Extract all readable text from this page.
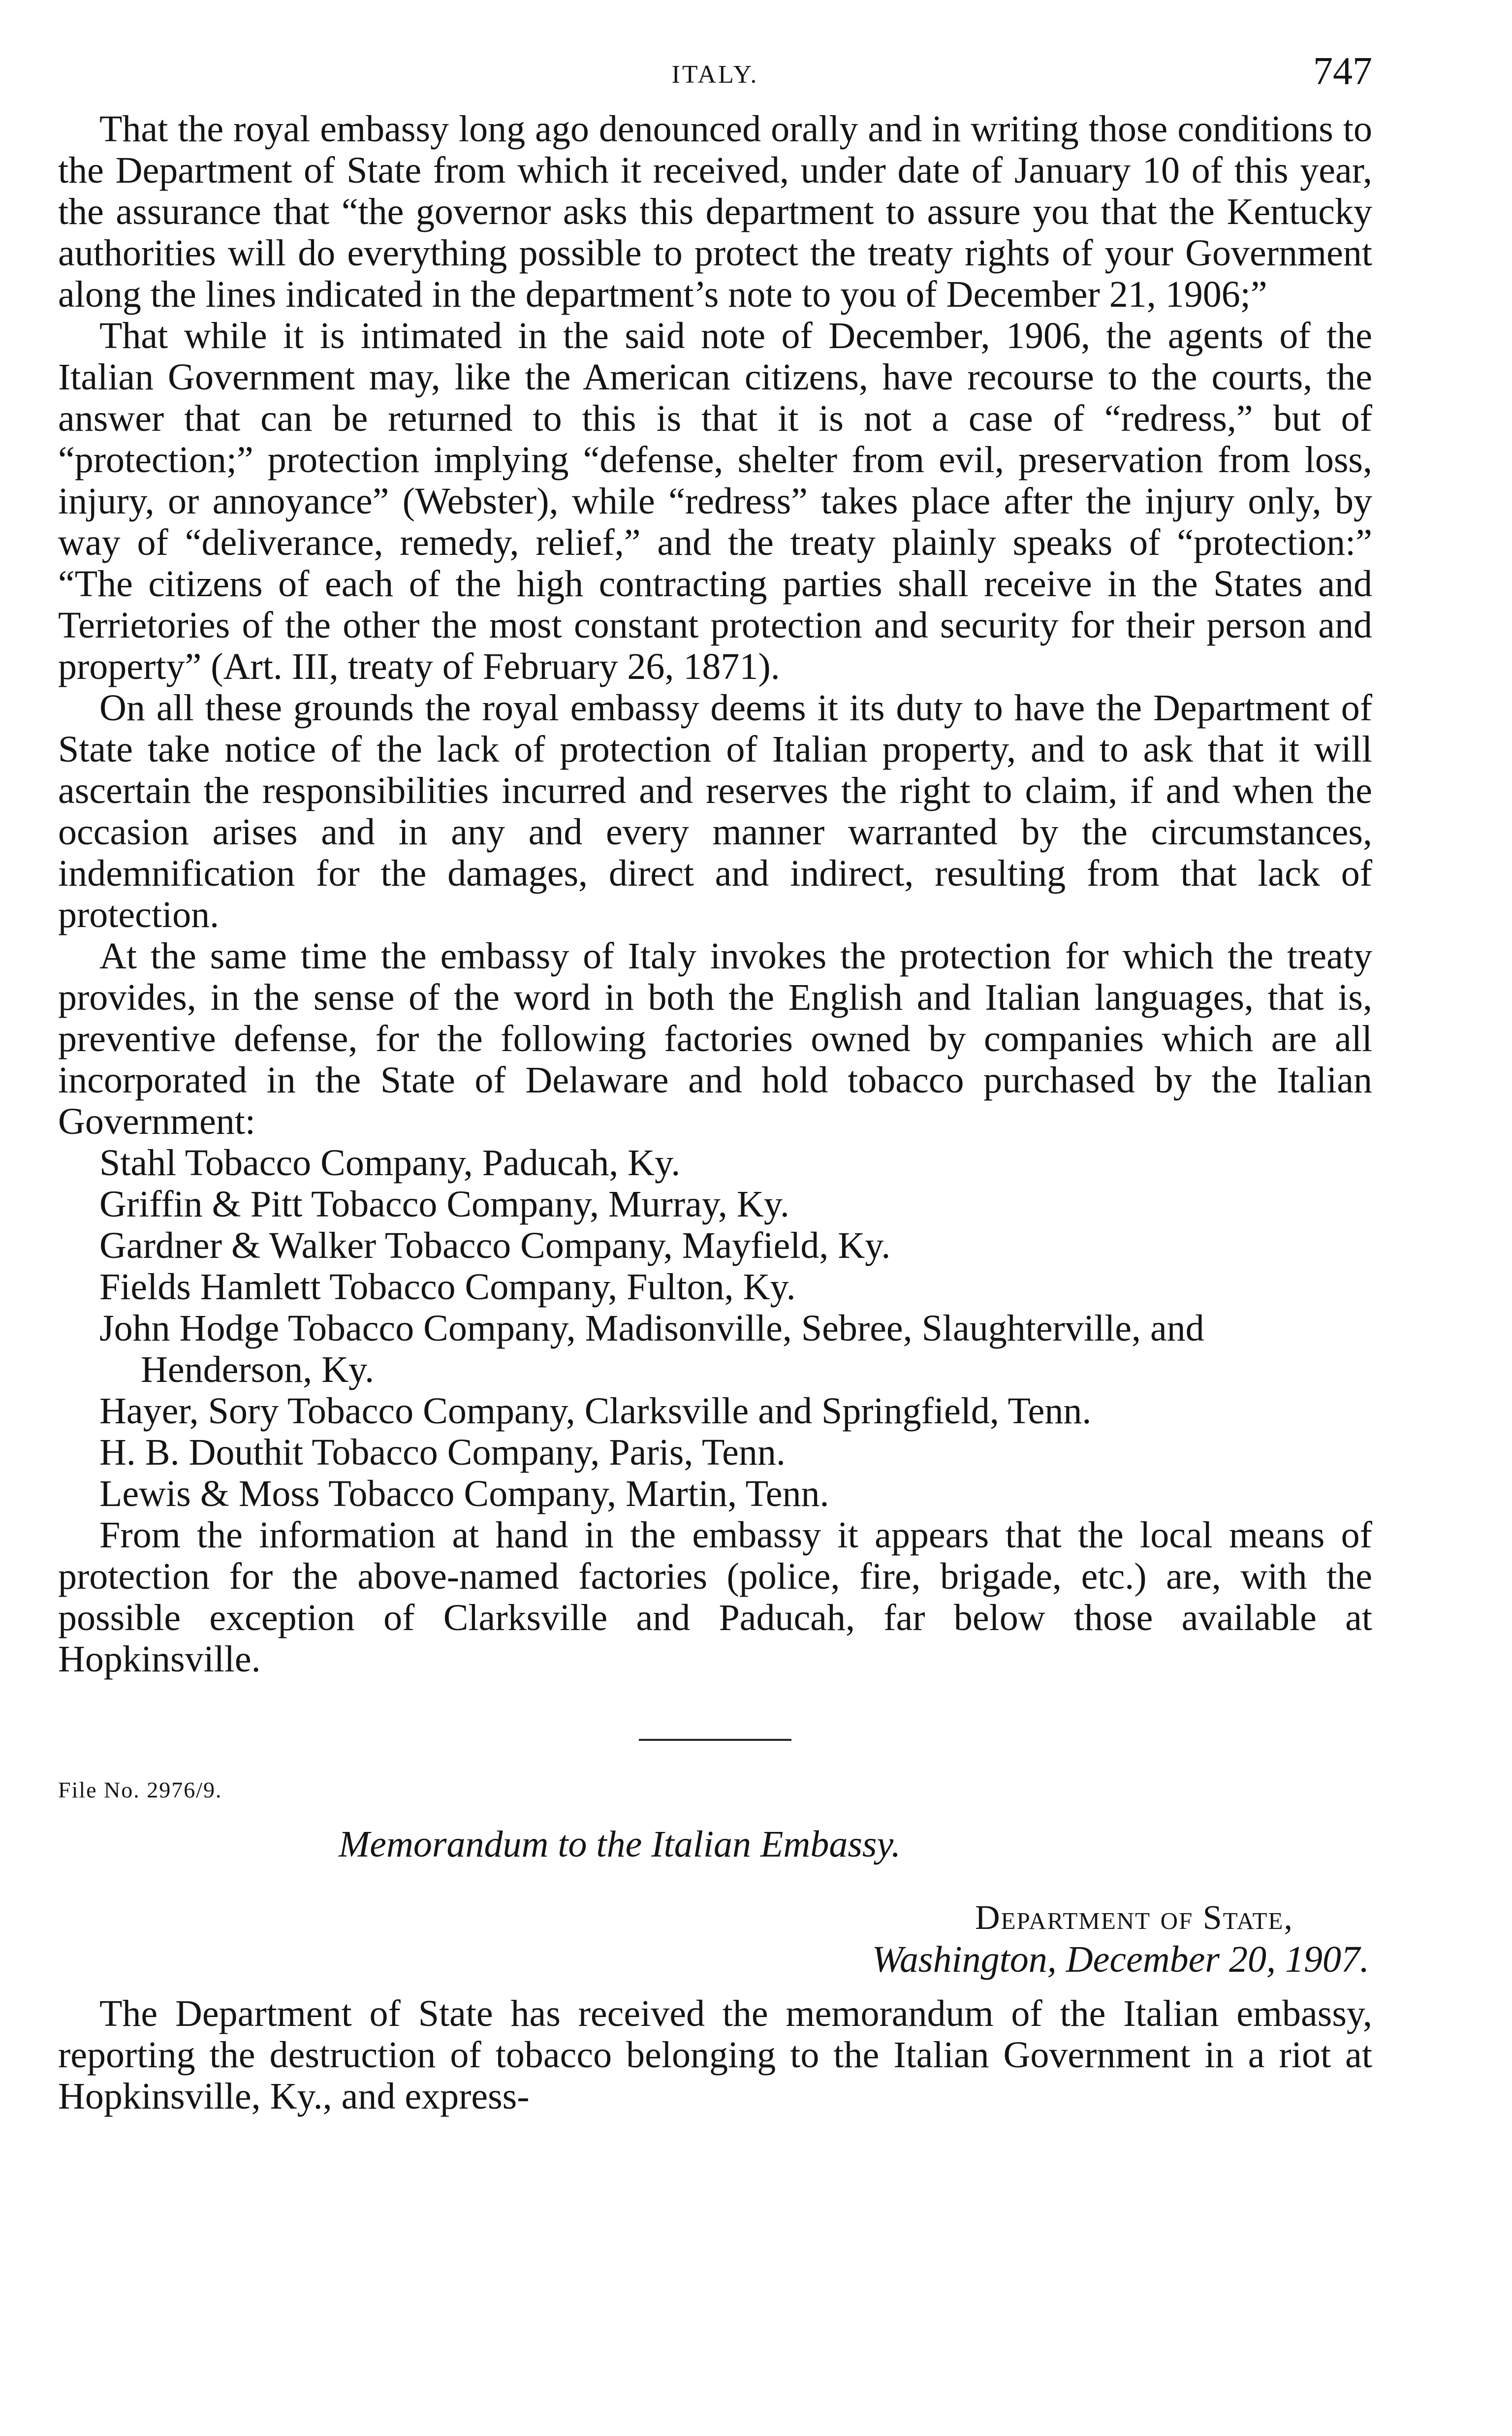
ITALY.	747

That the royal embassy long ago denounced orally and in writing those conditions to the Department of State from which it received, under date of January 10 of this year, the assurance that “the governor asks this department to assure you that the Kentucky authorities will do everything possible to protect the treaty rights of your Government along the lines indicated in the department’s note to you of December 21, 1906;”

That while it is intimated in the said note of December, 1906, the agents of the Italian Government may, like the American citizens, have recourse to the courts, the answer that can be returned to this is that it is not a case of “redress,” but of “protection;” protection implying “defense, shelter from evil, preservation from loss, injury, or annoyance” (Webster), while “redress” takes place after the injury only, by way of “deliverance, remedy, relief,” and the treaty plainly speaks of “protection:” “The citizens of each of the high contracting parties shall receive in the States and Terrietories of the other the most constant protection and security for their person and property” (Art. III, treaty of February 26, 1871).

On all these grounds the royal embassy deems it its duty to have the Department of State take notice of the lack of protection of Italian property, and to ask that it will ascertain the responsibilities incurred and reserves the right to claim, if and when the occasion arises and in any and every manner warranted by the circumstances, indemnification for the damages, direct and indirect, resulting from that lack of protection.

At the same time the embassy of Italy invokes the protection for which the treaty provides, in the sense of the word in both the English and Italian languages, that is, preventive defense, for the following factories owned by companies which are all incorporated in the State of Delaware and hold tobacco purchased by the Italian Government:

Stahl Tobacco Company, Paducah, Ky.
Griffin & Pitt Tobacco Company, Murray, Ky.
Gardner & Walker Tobacco Company, Mayfield, Ky.
Fields Hamlett Tobacco Company, Fulton, Ky.
John Hodge Tobacco Company, Madisonville, Sebree, Slaughterville, and Henderson, Ky.
Hayer, Sory Tobacco Company, Clarksville and Springfield, Tenn.
H. B. Douthit Tobacco Company, Paris, Tenn.
Lewis & Moss Tobacco Company, Martin, Tenn.

From the information at hand in the embassy it appears that the local means of protection for the above-named factories (police, fire, brigade, etc.) are, with the possible exception of Clarksville and Paducah, far below those available at Hopkinsville.

File No. 2976/9.
Memorandum to the Italian Embassy.
Department of State,
Washington, December 20, 1907.

The Department of State has received the memorandum of the Italian embassy, reporting the destruction of tobacco belonging to the Italian Government in a riot at Hopkinsville, Ky., and express-
